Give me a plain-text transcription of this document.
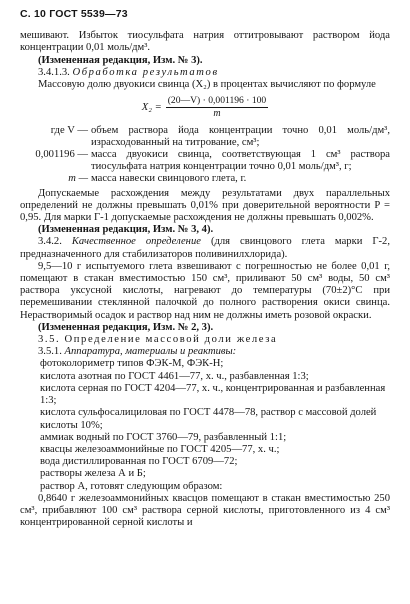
С. 10 ГОСТ 5539—73

мешивают. Избыток тиосульфата натрия оттитровывают раствором йода концентрации 0,01 моль/дм³.

(Измененная редакция, Изм. № 3).

3.4.1.3. Обработка результатов

Массовую долю двуокиси свинца (X₂) в процентах вычисляют по формуле

$X_2 = \frac{(20—V) \cdot 0,001196 \cdot 100}{m}$
где V — объем раствора йода концентрации точно 0,01 моль/дм³, израсходованный на титрование, см³;
0,001196 — масса двуокиси свинца, соответствующая 1 см³ раствора тиосульфата натрия концентрации точно 0,01 моль/дм³, г;
m — масса навески свинцового глета, г.

Допускаемые расхождения между результатами двух параллельных определений не должны превышать 0,01% при доверительной вероятности P = 0,95. Для марки Г-1 допускаемые расхождения не должны превышать 0,002%.

(Измененная редакция, Изм. № 3, 4).

3.4.2. Качественное определение (для свинцового глета марки Г-2, предназначенного для стабилизаторов поливинилхлорида).

9,5—10 г испытуемого глета взвешивают с погрешностью не более 0,01 г, помещают в стакан вместимостью 150 см³, приливают 50 см³ воды, 50 см³ раствора уксусной кислоты, нагревают до температуры (70±2)°С при перемешивании стеклянной палочкой до полного растворения окиси свинца. Нерастворимый осадок и раствор над ним не должны иметь розовой окраски.

(Измененная редакция, Изм. № 2, 3).

3.5. Определение массовой доли железа

3.5.1. Аппаратура, материалы и реактивы:

фотоколориметр типов ФЭК-М, ФЭК-Н;

кислота азотная по ГОСТ 4461—77, х. ч., разбавленная 1:3;

кислота серная по ГОСТ 4204—77, х. ч., концентрированная и разбавленная 1:3;

кислота сульфосалициловая по ГОСТ 4478—78, раствор с массовой долей кислоты 10%;

аммиак водный по ГОСТ 3760—79, разбавленный 1:1;

квасцы железоаммонийные по ГОСТ 4205—77, х. ч.;

вода дистиллированная по ГОСТ 6709—72;

растворы железа А и Б;

раствор А, готовят следующим образом:

0,8640 г железоаммонийных квасцов помещают в стакан вместимостью 250 см³, прибавляют 100 см³ раствора серной кислоты, приготовленного из 4 см³ концентрированной серной кислоты и
